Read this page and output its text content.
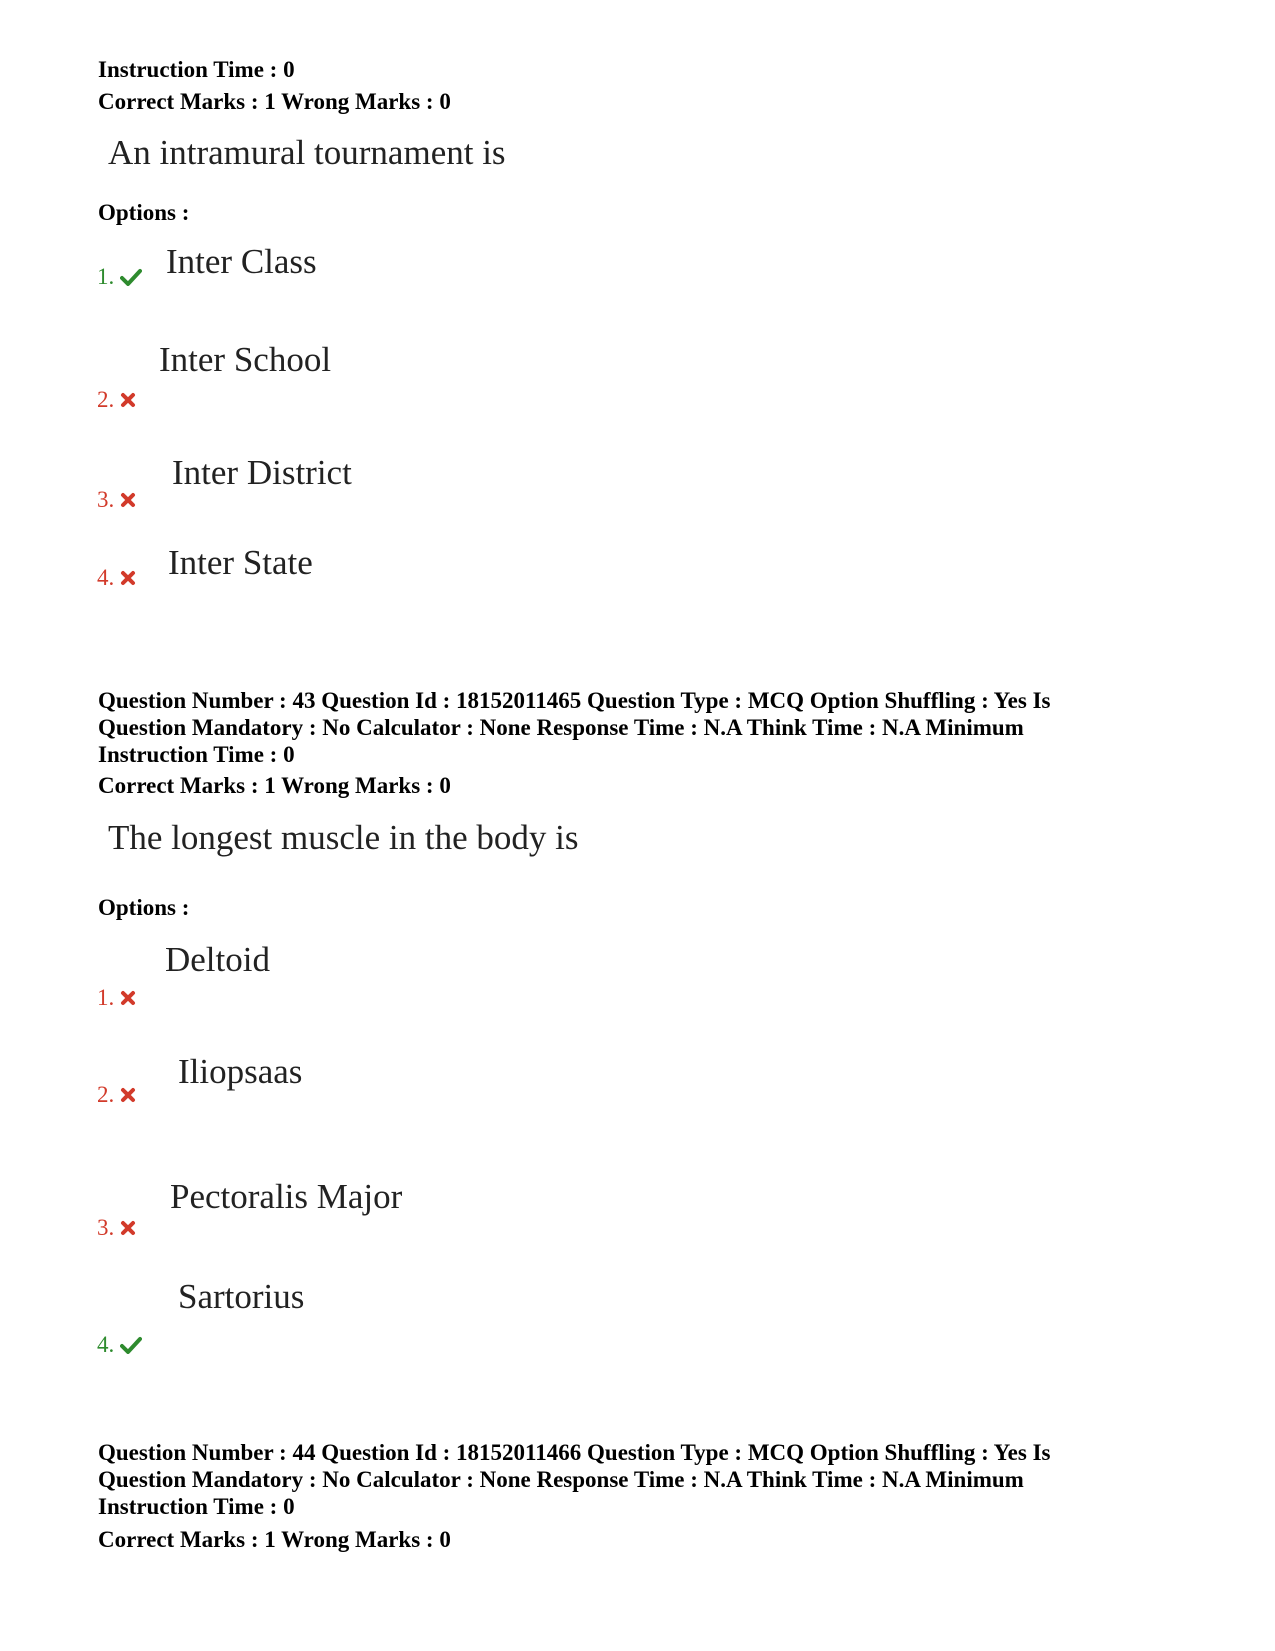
Instruction Time : 0
Correct Marks : 1 Wrong Marks : 0
An intramural tournament is
Options :
1. Inter Class
2.
Inter School
3.
Inter District
4. Inter State
Question Number : 43 Question Id : 18152011465 Question Type : MCQ Option Shuffling : Yes Is
Question Mandatory : No Calculator : None Response Time : N.A Think Time : N.A Minimum
Instruction Time : 0
Correct Marks : 1 Wrong Marks : 0
The longest muscle in the body is
Options :
1.
Deltoid
2.
Iliopsaas
3.
Pectoralis Major
4.
Sartorius
Question Number : 44 Question Id : 18152011466 Question Type : MCQ Option Shuffling : Yes Is
Question Mandatory : No Calculator : None Response Time : N.A Think Time : N.A Minimum
Instruction Time : 0
Correct Marks : 1 Wrong Marks : 0
